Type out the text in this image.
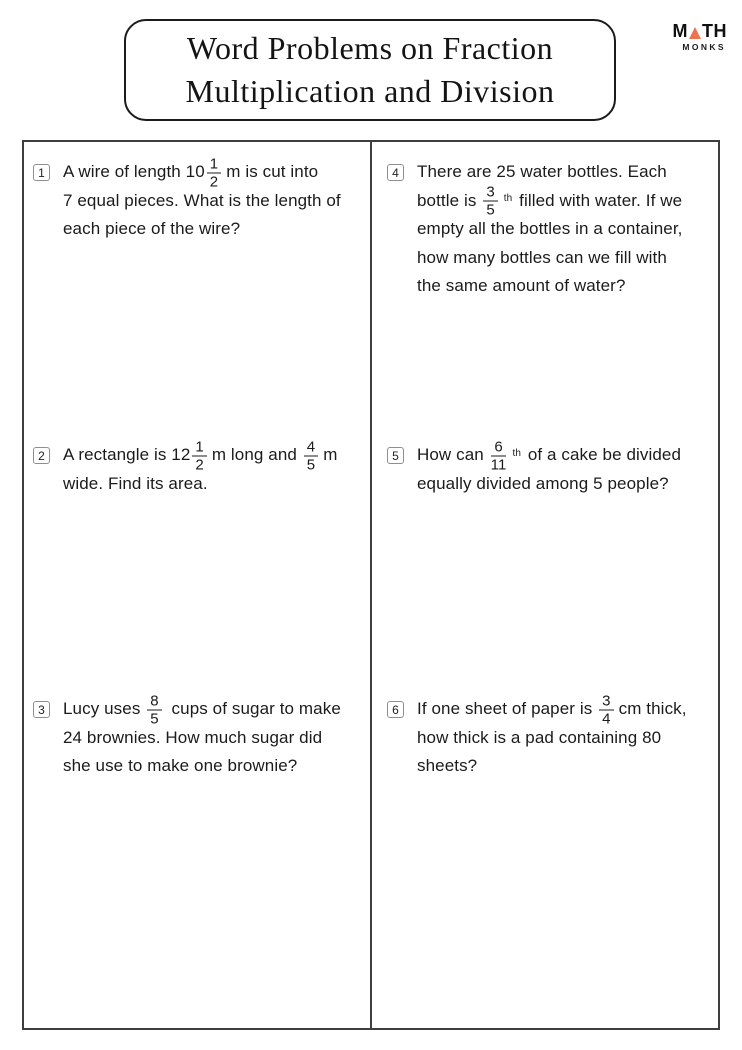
Word Problems on Fraction
Multiplication and Division
M TH
MONKS
1	A wire of length $10 \frac{1}{2}$ m is cut into
7 equal pieces. What is the length of
each piece of the wire?
4	There are 25 water bottles. Each
bottle is $\frac{3}{5}$ th filled with water. If we
empty all the bottles in a container,
how many bottles can we fill with
the same amount of water?
2	A rectangle is $12 \frac{1}{2}$ m long and $\frac{4}{5}$ m
wide. Find its area.
5	How can $\frac{6}{11}$ th of a cake be divided
equally divided among 5 people?
3	Lucy uses $\frac{8}{5}$ cups of sugar to make
24 brownies. How much sugar did
she use to make one brownie?
6	If one sheet of paper is $\frac{3}{4}$ cm thick,
how thick is a pad containing 80
sheets?
